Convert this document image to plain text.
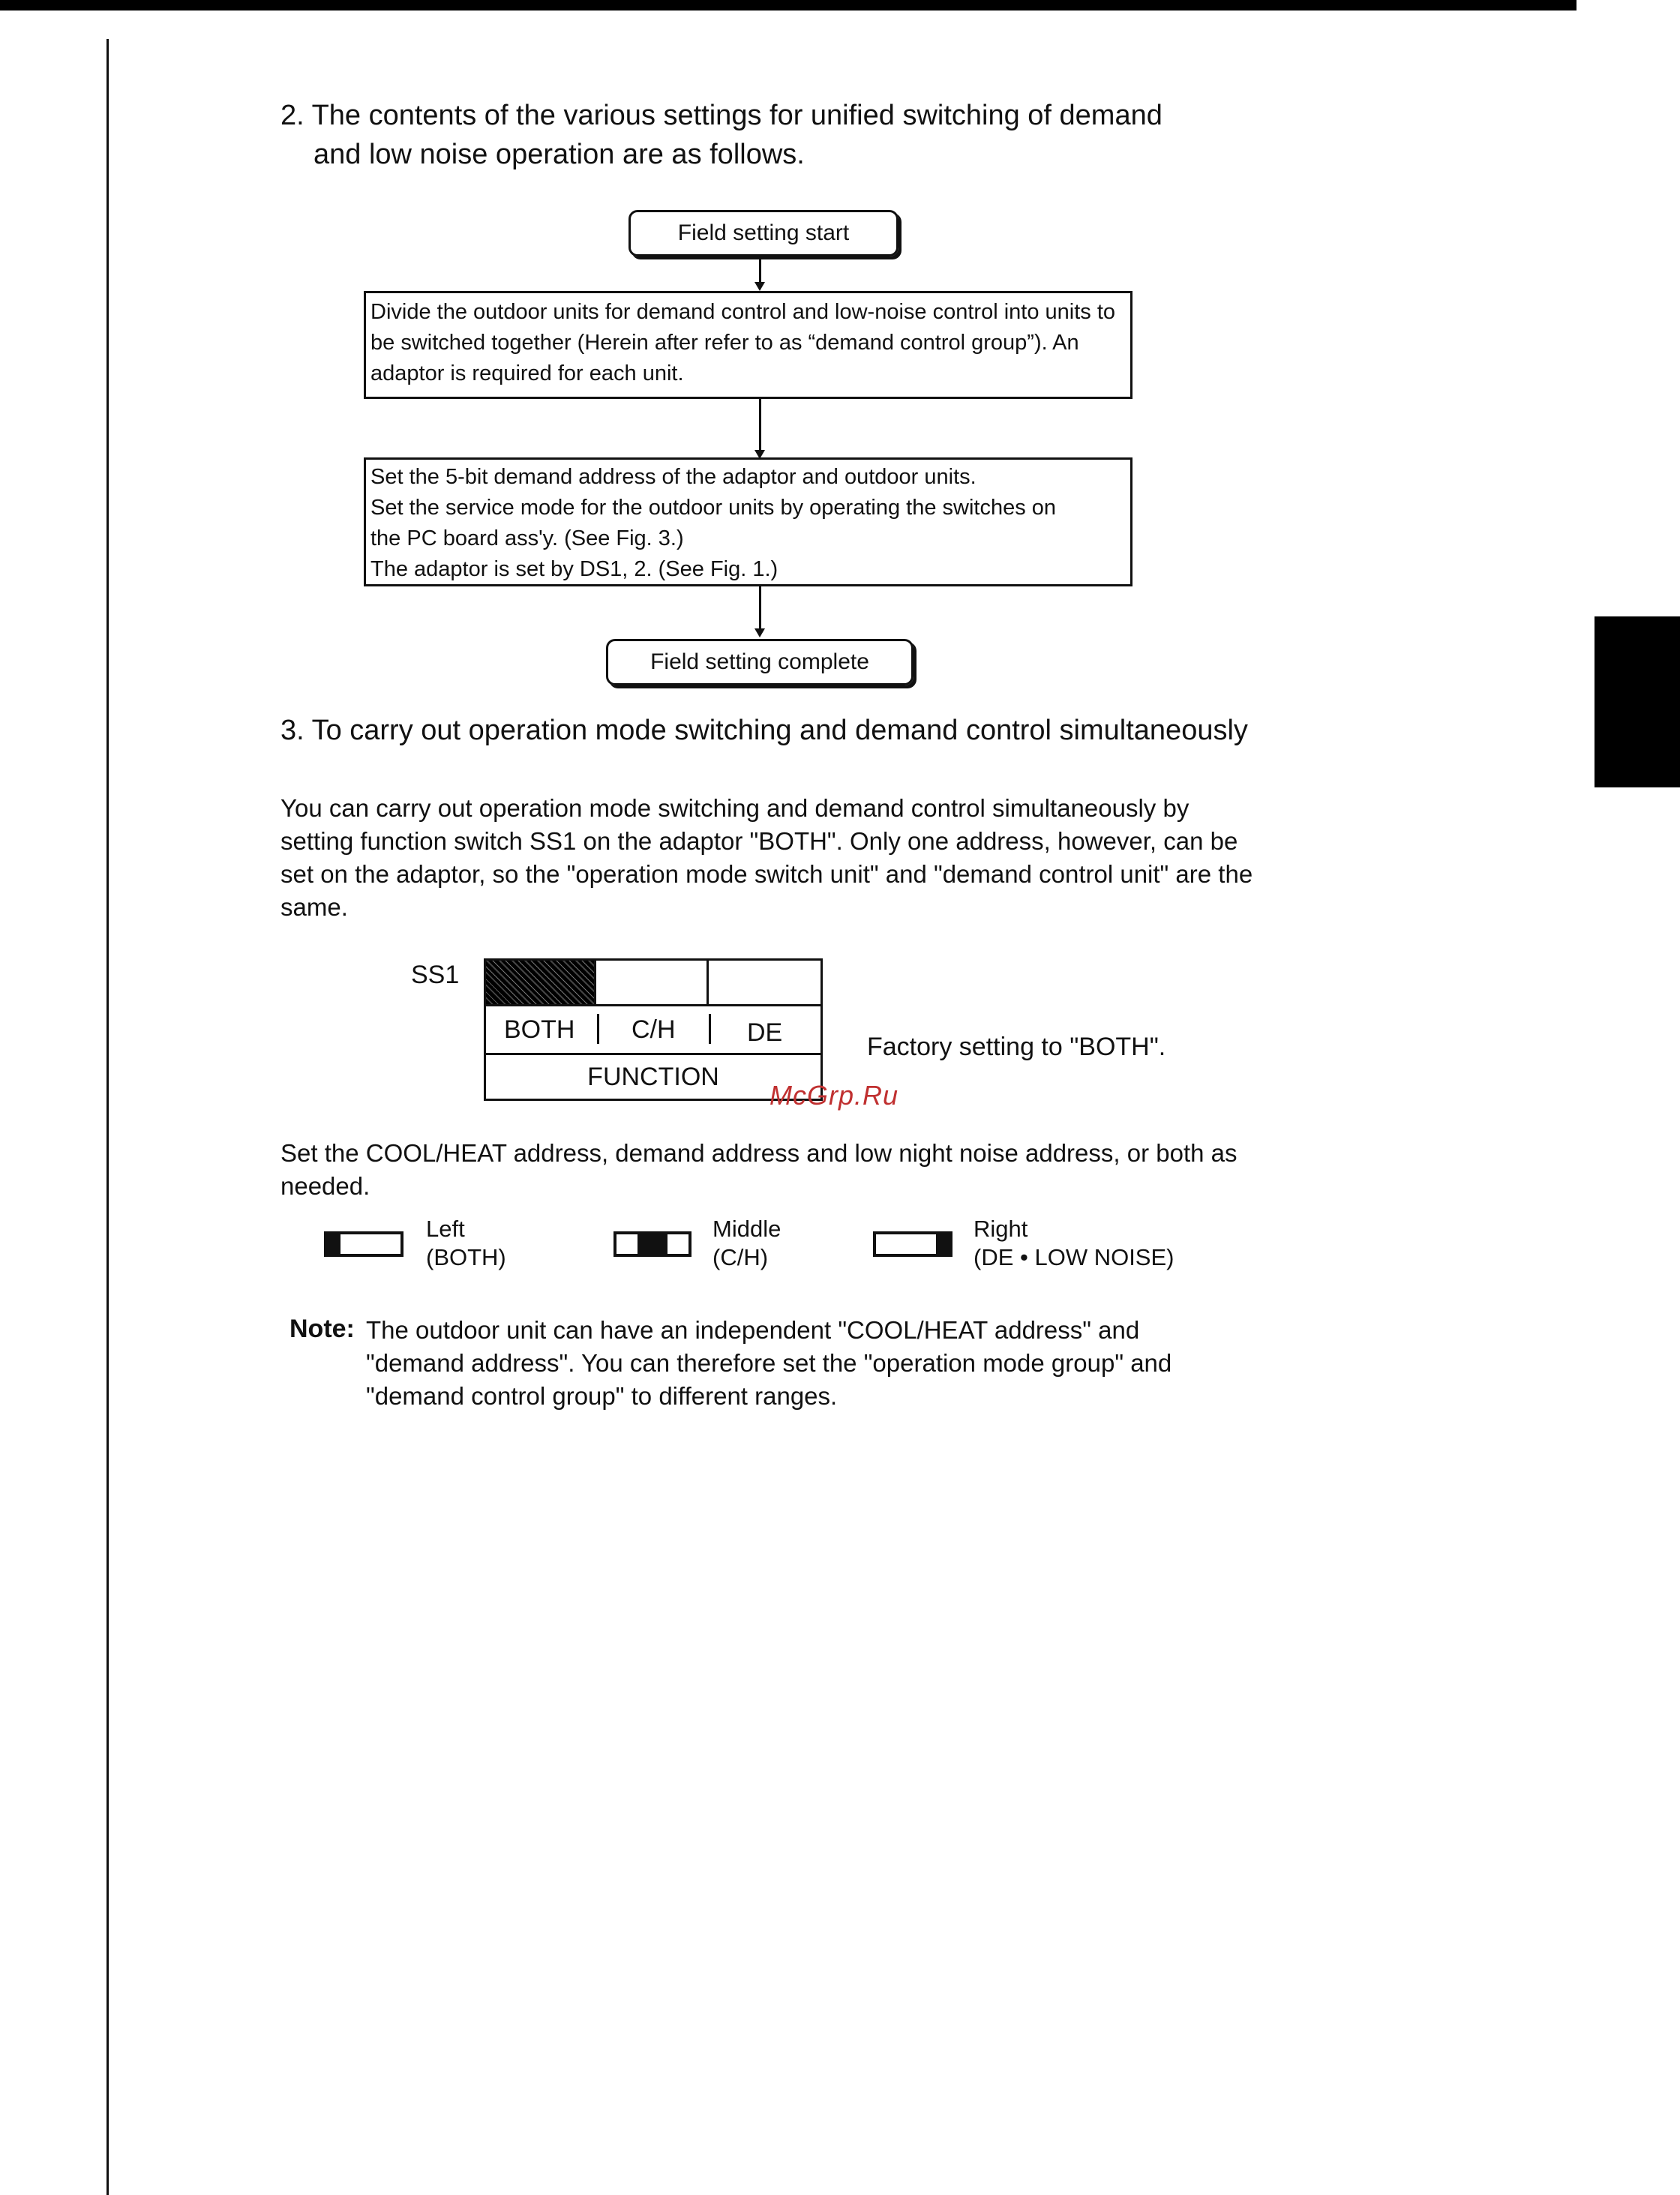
2. The contents of the various settings for unified switching of demand
and low noise operation are as follows.
Field setting start
Divide the outdoor units for demand control and low-noise control into units to be switched together (Herein after refer to as “demand control group”). An adaptor is required for each unit.
Set the 5-bit demand address of the adaptor and outdoor units.
Set the service mode for the outdoor units by operating the switches on
the PC board ass'y. (See Fig. 3.)
The adaptor is set by DS1, 2. (See Fig. 1.)
Field setting complete
3. To carry out operation mode switching and demand control simultaneously
You can carry out operation mode switching and demand control simultaneously by setting function switch SS1 on the adaptor "BOTH". Only one address, however, can be set on the adaptor, so the "operation mode switch unit" and "demand control unit" are the same.
SS1
BOTH C/H	DE
FUNCTION
Factory setting to "BOTH".
McGrp.Ru
Set the COOL/HEAT address, demand address and low night noise address, or both as needed.
Left
(BOTH)
Middle
(C/H)
Right
(DE • LOW NOISE)
Note: The outdoor unit can have an independent "COOL/HEAT address" and "demand address". You can therefore set the "operation mode group" and "demand control group" to different ranges.
